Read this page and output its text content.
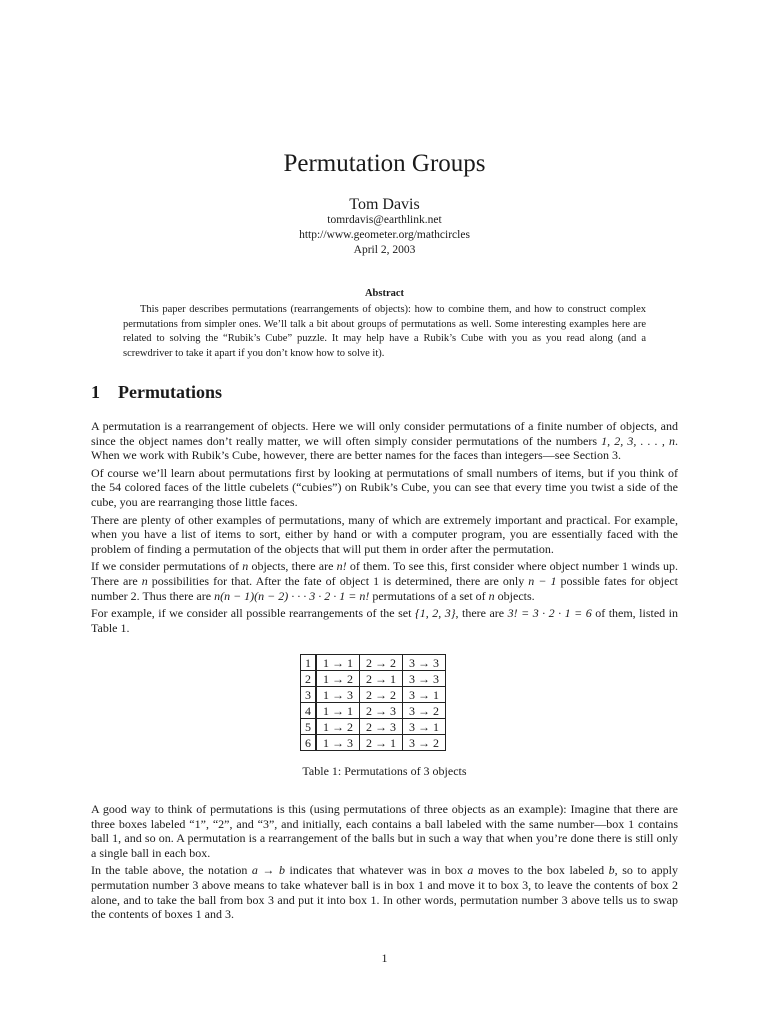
Permutation Groups
Tom Davis
tomrdavis@earthlink.net
http://www.geometer.org/mathcircles
April 2, 2003
Abstract

This paper describes permutations (rearrangements of objects): how to combine them, and how to construct complex permutations from simpler ones. We’ll talk a bit about groups of permutations as well. Some interesting examples here are related to solving the “Rubik’s Cube” puzzle. It may help have a Rubik’s Cube with you as you read along (and a screwdriver to take it apart if you don’t know how to solve it).

1 Permutations

A permutation is a rearrangement of objects. Here we will only consider permutations of a finite number of objects, and since the object names don’t really matter, we will often simply consider permutations of the numbers 1, 2, 3, . . . , n. When we work with Rubik’s Cube, however, there are better names for the faces than integers—see Section 3.

Of course we’ll learn about permutations first by looking at permutations of small numbers of items, but if you think of the 54 colored faces of the little cubelets (“cubies”) on Rubik’s Cube, you can see that every time you twist a side of the cube, you are rearranging those little faces.

There are plenty of other examples of permutations, many of which are extremely important and practical. For example, when you have a list of items to sort, either by hand or with a computer program, you are essentially faced with the problem of finding a permutation of the objects that will put them in order after the permutation.

If we consider permutations of n objects, there are n! of them. To see this, first consider where object number 1 winds up. There are n possibilities for that. After the fate of object 1 is determined, there are only n − 1 possible fates for object number 2. Thus there are n(n − 1)(n − 2) · · · 3 · 2 · 1 = n! permutations of a set of n objects.

For example, if we consider all possible rearrangements of the set {1, 2, 3}, there are 3! = 3 · 2 · 1 = 6 of them, listed in Table 1.

1	1 → 1	2 → 2	3 → 3
2	1 → 2	2 → 1	3 → 3
3	1 → 3	2 → 2	3 → 1
4	1 → 1	2 → 3	3 → 2
5	1 → 2	2 → 3	3 → 1
6	1 → 3	2 → 1	3 → 2
Table 1: Permutations of 3 objects

A good way to think of permutations is this (using permutations of three objects as an example): Imagine that there are three boxes labeled “1”, “2”, and “3”, and initially, each contains a ball labeled with the same number—box 1 contains ball 1, and so on. A permutation is a rearrangement of the balls but in such a way that when you’re done there is still only a single ball in each box.

In the table above, the notation a → b indicates that whatever was in box a moves to the box labeled b, so to apply permutation number 3 above means to take whatever ball is in box 1 and move it to box 3, to leave the contents of box 2 alone, and to take the ball from box 3 and put it into box 1. In other words, permutation number 3 above tells us to swap the contents of boxes 1 and 3.

1
